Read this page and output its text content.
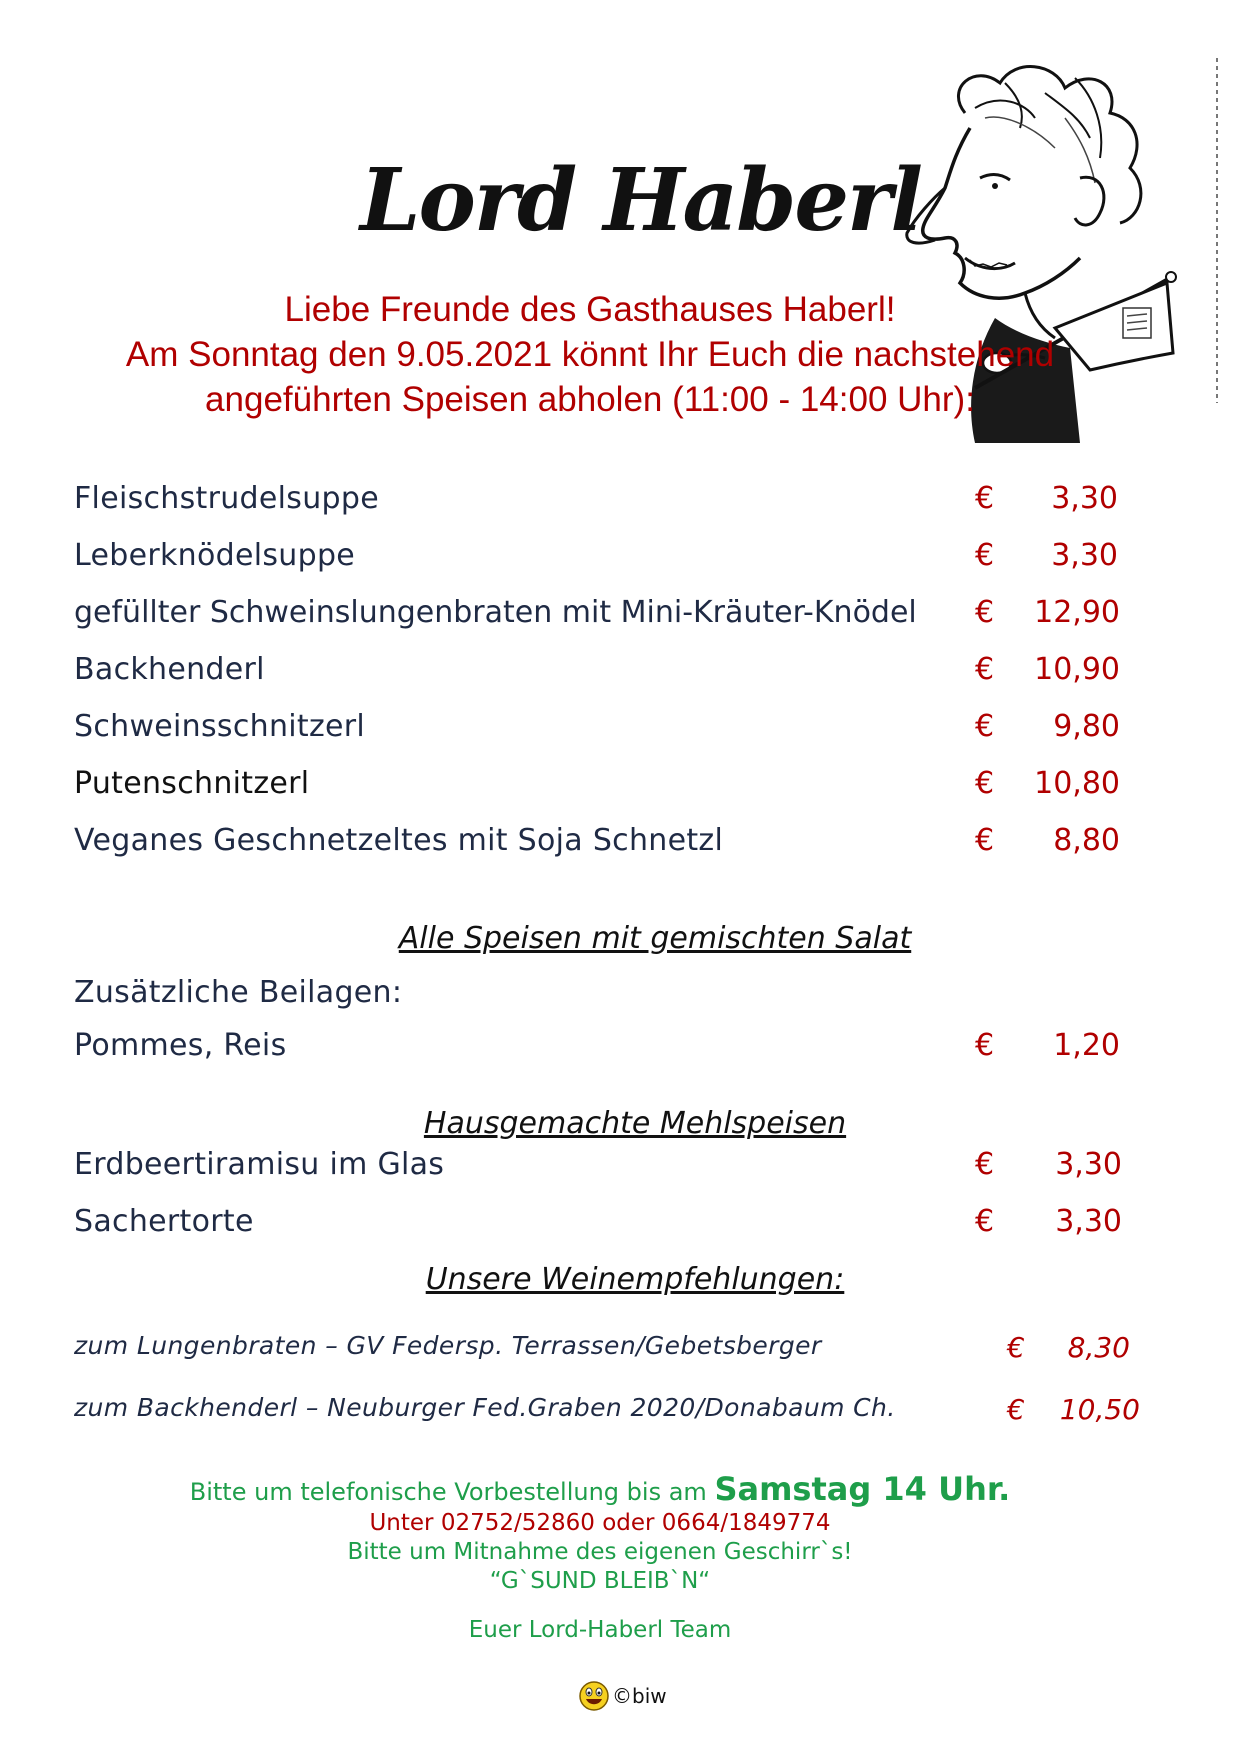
Lord Haberl
Liebe Freunde des Gasthauses Haberl!
Am Sonntag den 9.05.2021 könnt Ihr Euch die nachstehend
angeführten Speisen abholen (11:00 - 14:00 Uhr):
Fleischstrudelsuppe	€ 3,30
Leberknödelsuppe	€ 3,30
gefüllter Schweinslungenbraten mit Mini-Kräuter-Knödel € 12,90
Backhenderl	€ 10,90
Schweinsschnitzerl	€ 9,80
Putenschnitzerl	€ 10,80
Veganes Geschnetzeltes mit Soja Schnetzl	€ 8,80
Alle Speisen mit gemischten Salat
Zusätzliche Beilagen:
Pommes, Reis	€ 1,20
Hausgemachte Mehlspeisen
Erdbeertiramisu im Glas	€ 3,30
Sachertorte	€ 3,30
Unsere Weinempfehlungen:
zum Lungenbraten – GV Federsp. Terrassen/Gebetsberger	€ 8,30
zum Backhenderl – Neuburger Fed.Graben 2020/Donabaum Ch.	€ 10,50
Bitte um telefonische Vorbestellung bis am Samstag 14 Uhr.
Unter 02752/52860 oder 0664/1849774
Bitte um Mitnahme des eigenen Geschirr`s!
“G`SUND BLEIB`N“
Euer Lord-Haberl Team
©biw
